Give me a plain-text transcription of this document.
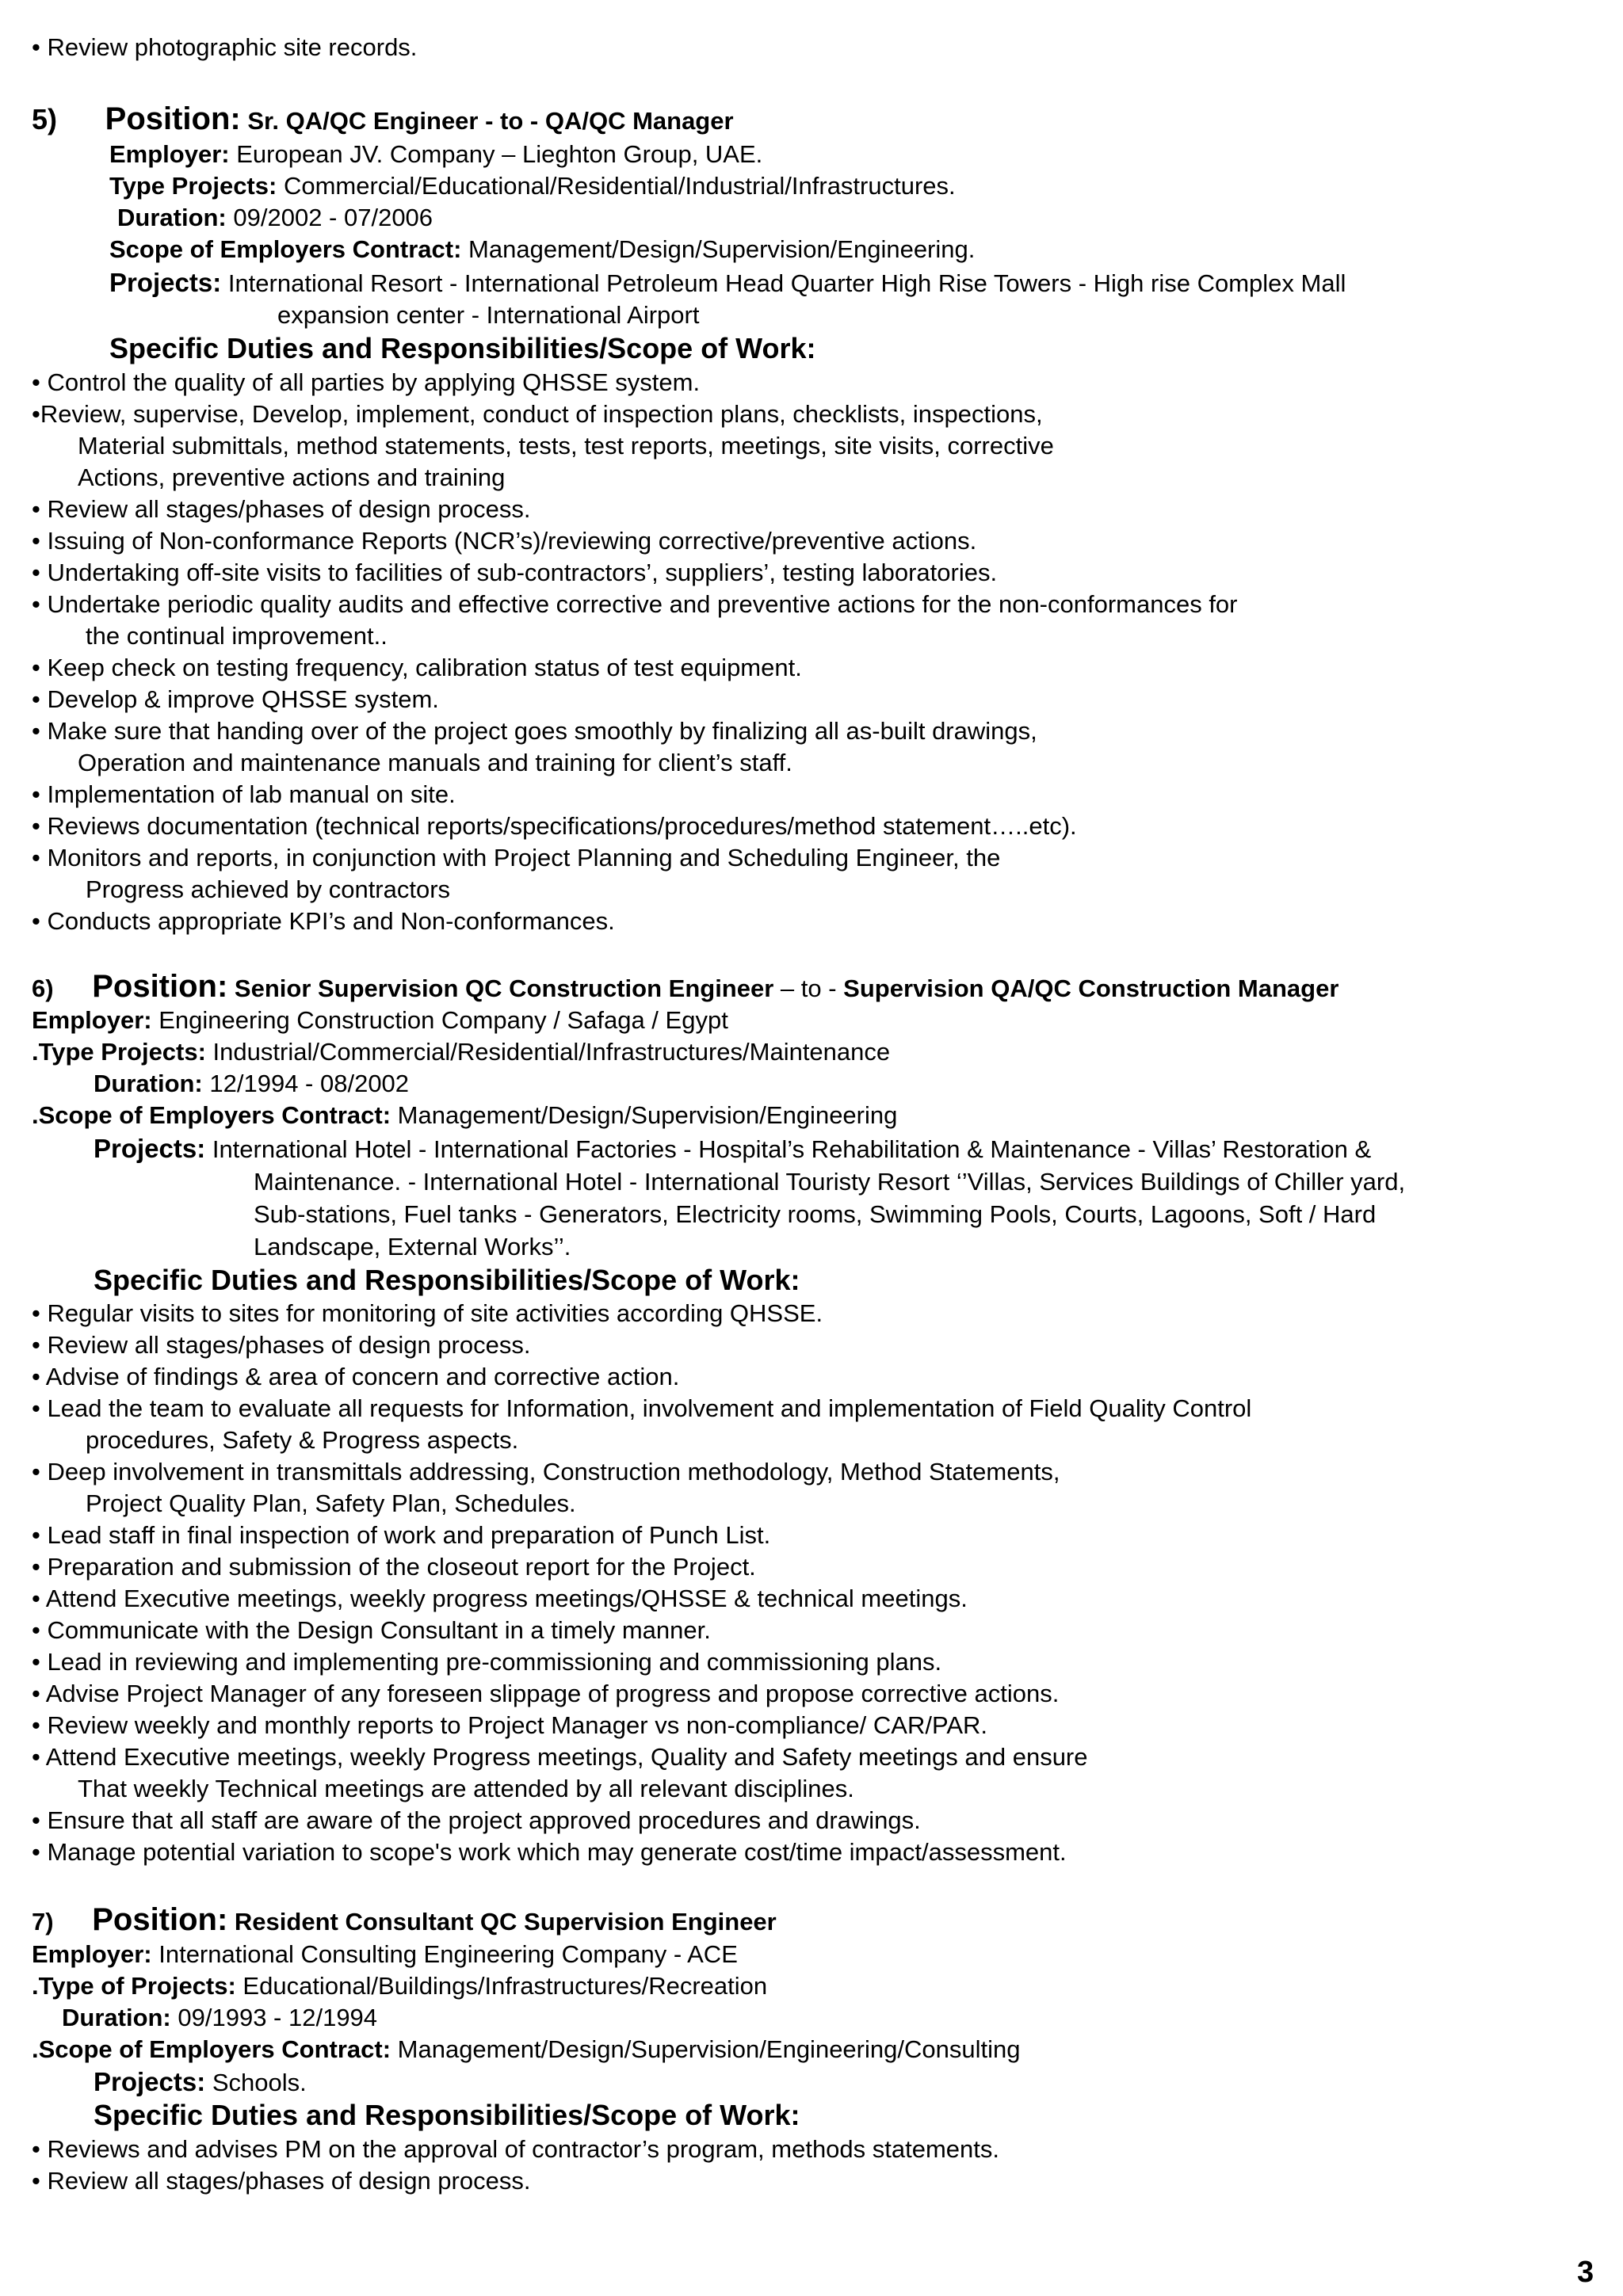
• Review photographic site records.
5) Position: Sr. QA/QC Engineer - to - QA/QC Manager
Employer: European JV. Company – Lieghton Group, UAE.
Type Projects: Commercial/Educational/Residential/Industrial/Infrastructures.
Duration: 09/2002 - 07/2006
Scope of Employers Contract: Management/Design/Supervision/Engineering.
Projects: International Resort - International Petroleum Head Quarter High Rise Towers - High rise Complex Mall
expansion center - International Airport
Specific Duties and Responsibilities/Scope of Work:
• Control the quality of all parties by applying QHSSE system.
•Review, supervise, Develop, implement, conduct of inspection plans, checklists, inspections,
Material submittals, method statements, tests, test reports, meetings, site visits, corrective
Actions, preventive actions and training
• Review all stages/phases of design process.
• Issuing of Non-conformance Reports (NCR’s)/reviewing corrective/preventive actions.
• Undertaking off-site visits to facilities of sub-contractors’, suppliers’, testing laboratories.
• Undertake periodic quality audits and effective corrective and preventive actions for the non-conformances for
the continual improvement..
• Keep check on testing frequency, calibration status of test equipment.
• Develop & improve QHSSE system.
• Make sure that handing over of the project goes smoothly by finalizing all as-built drawings,
Operation and maintenance manuals and training for client’s staff.
• Implementation of lab manual on site.
• Reviews documentation (technical reports/specifications/procedures/method statement…..etc).
• Monitors and reports, in conjunction with Project Planning and Scheduling Engineer, the
Progress achieved by contractors
• Conducts appropriate KPI’s and Non-conformances.
6) Position: Senior Supervision QC Construction Engineer – to - Supervision QA/QC Construction Manager
Employer: Engineering Construction Company / Safaga / Egypt
.Type Projects: Industrial/Commercial/Residential/Infrastructures/Maintenance
Duration: 12/1994 - 08/2002
.Scope of Employers Contract: Management/Design/Supervision/Engineering
Projects: International Hotel - International Factories - Hospital’s Rehabilitation & Maintenance - Villas’ Restoration &
Maintenance. - International Hotel - International Touristy Resort ‘’Villas, Services Buildings of Chiller yard,
Sub-stations, Fuel tanks - Generators, Electricity rooms, Swimming Pools, Courts, Lagoons, Soft / Hard
Landscape, External Works’’.
Specific Duties and Responsibilities/Scope of Work:
• Regular visits to sites for monitoring of site activities according QHSSE.
• Review all stages/phases of design process.
• Advise of findings & area of concern and corrective action.
• Lead the team to evaluate all requests for Information, involvement and implementation of Field Quality Control
procedures, Safety & Progress aspects.
• Deep involvement in transmittals addressing, Construction methodology, Method Statements,
Project Quality Plan, Safety Plan, Schedules.
• Lead staff in final inspection of work and preparation of Punch List.
• Preparation and submission of the closeout report for the Project.
• Attend Executive meetings, weekly progress meetings/QHSSE & technical meetings.
• Communicate with the Design Consultant in a timely manner.
• Lead in reviewing and implementing pre-commissioning and commissioning plans.
• Advise Project Manager of any foreseen slippage of progress and propose corrective actions.
• Review weekly and monthly reports to Project Manager vs non-compliance/ CAR/PAR.
• Attend Executive meetings, weekly Progress meetings, Quality and Safety meetings and ensure
That weekly Technical meetings are attended by all relevant disciplines.
• Ensure that all staff are aware of the project approved procedures and drawings.
• Manage potential variation to scope's work which may generate cost/time impact/assessment.
7) Position: Resident Consultant QC Supervision Engineer
Employer: International Consulting Engineering Company - ACE
.Type of Projects: Educational/Buildings/Infrastructures/Recreation
Duration: 09/1993 - 12/1994
.Scope of Employers Contract: Management/Design/Supervision/Engineering/Consulting
Projects: Schools.
Specific Duties and Responsibilities/Scope of Work:
• Reviews and advises PM on the approval of contractor’s program, methods statements.
• Review all stages/phases of design process.
3
